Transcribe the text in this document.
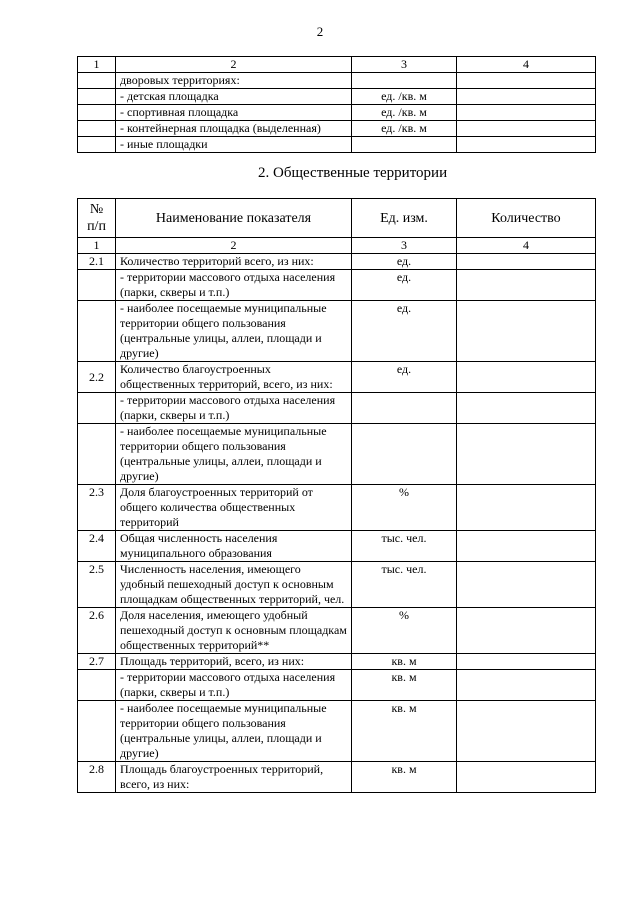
2
1	2	3	4
	дворовых территориях:		
	- детская площадка	ед. /кв. м	
	- спортивная площадка	ед. /кв. м	
	- контейнерная площадка (выделенная)	ед. /кв. м	
	- иные площадки		
2. Общественные территории
№
п/п	Наименование показателя	Ед. изм.	Количество
1	2	3	4
2.1	Количество территорий всего, из них:	ед.	
	- территории массового отдыха населения (парки, скверы и т.п.)	ед.	
	- наиболее посещаемые муниципальные территории общего пользования (центральные улицы, аллеи, площади и другие)	ед.	
2.2	Количество благоустроенных общественных территорий, всего, из них:	ед.	
	- территории массового отдыха населения (парки, скверы и т.п.)		
	- наиболее посещаемые муниципальные территории общего пользования (центральные улицы, аллеи, площади и другие)		
2.3	Доля благоустроенных территорий от общего количества общественных территорий	%	
2.4	Общая численность населения муниципального образования	тыс. чел.	
2.5	Численность населения, имеющего удобный пешеходный доступ к основным площадкам общественных территорий, чел.	тыс. чел.	
2.6	Доля населения, имеющего удобный пешеходный доступ к основным площадкам общественных территорий**	%	
2.7	Площадь территорий, всего, из них:	кв. м	
	- территории массового отдыха населения (парки, скверы и т.п.)	кв. м	
	- наиболее посещаемые муниципальные территории общего пользования (центральные улицы, аллеи, площади и другие)	кв. м	
2.8	Площадь благоустроенных территорий, всего, из них:	кв. м	
